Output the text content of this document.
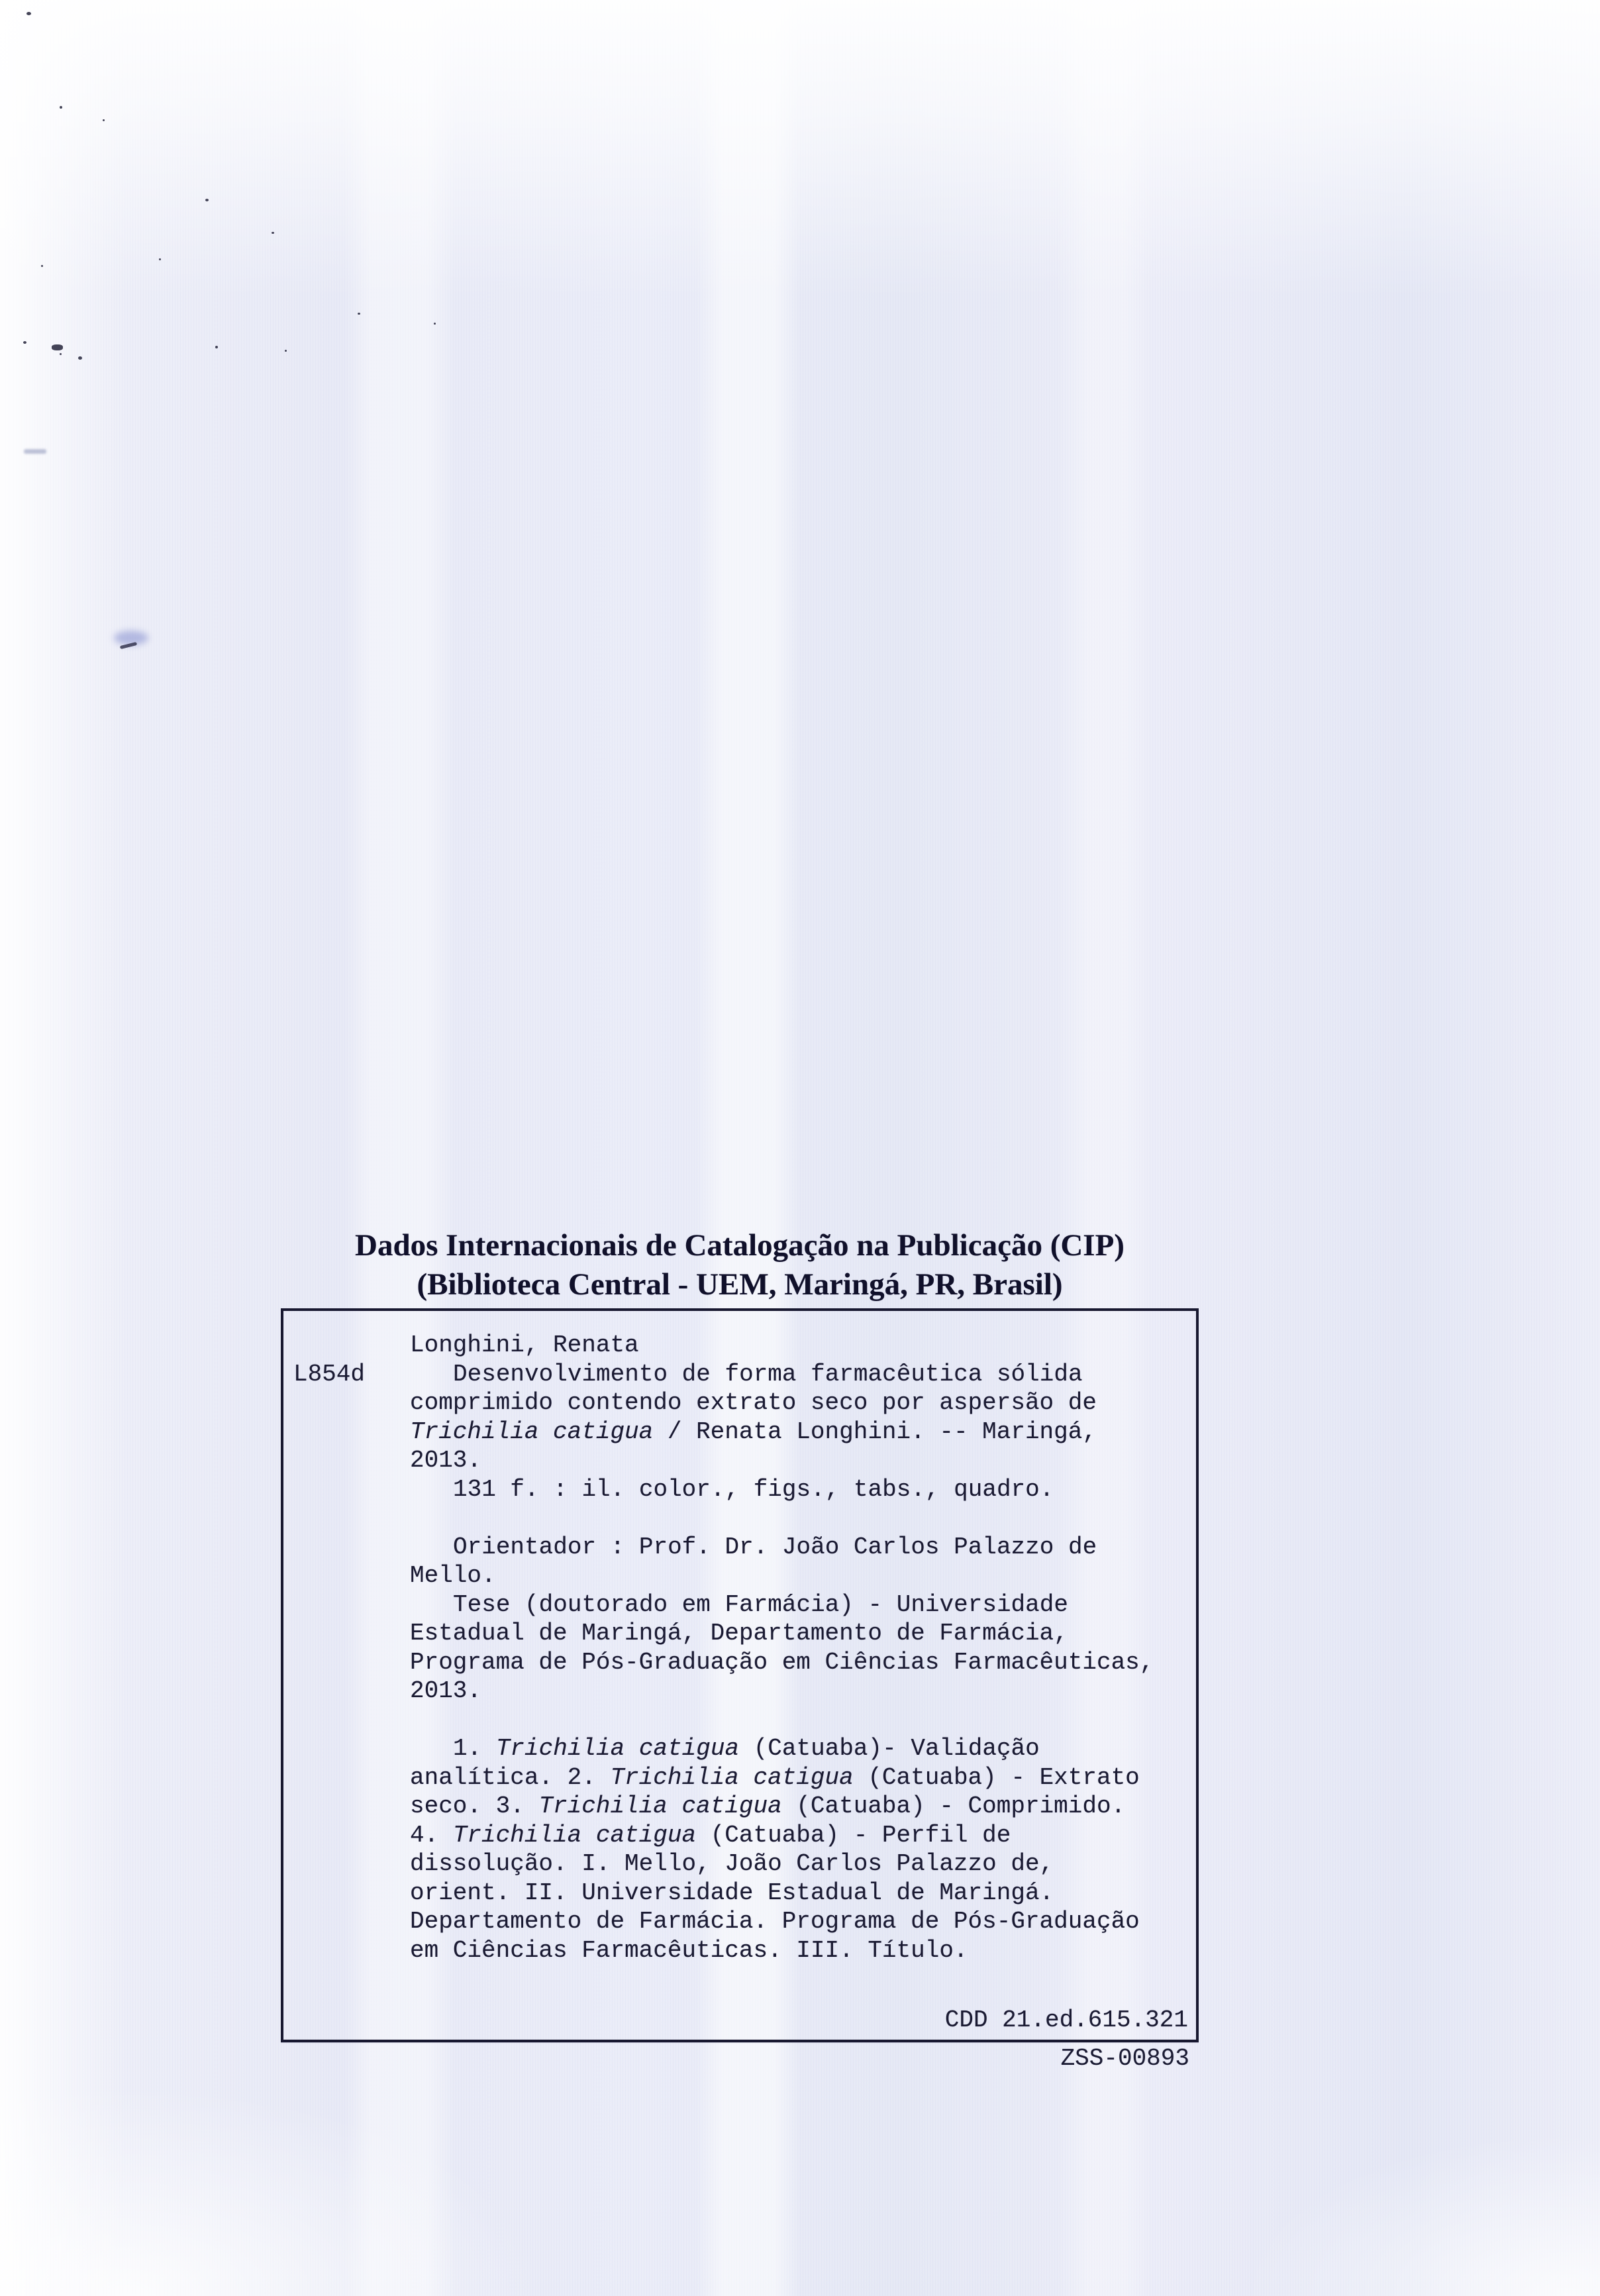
Dados Internacionais de Catalogação na Publicação (CIP)
(Biblioteca Central - UEM, Maringá, PR, Brasil)
L854d
Longhini, Renata
Desenvolvimento de forma farmacêutica sólida
comprimido contendo extrato seco por aspersão de
Trichilia catigua / Renata Longhini. -- Maringá,
2013.
131 f. : il. color., figs., tabs., quadro.

Orientador : Prof. Dr. João Carlos Palazzo de
Mello.
Tese (doutorado em Farmácia) - Universidade
Estadual de Maringá, Departamento de Farmácia,
Programa de Pós-Graduação em Ciências Farmacêuticas,
2013.

1. Trichilia catigua (Catuaba)- Validação
analítica. 2. Trichilia catigua (Catuaba) - Extrato
seco. 3. Trichilia catigua (Catuaba) - Comprimido.
4. Trichilia catigua (Catuaba) - Perfil de
dissolução. I. Mello, João Carlos Palazzo de,
orient. II. Universidade Estadual de Maringá.
Departamento de Farmácia. Programa de Pós-Graduação
em Ciências Farmacêuticas. III. Título.
CDD 21.ed.615.321
ZSS-00893
